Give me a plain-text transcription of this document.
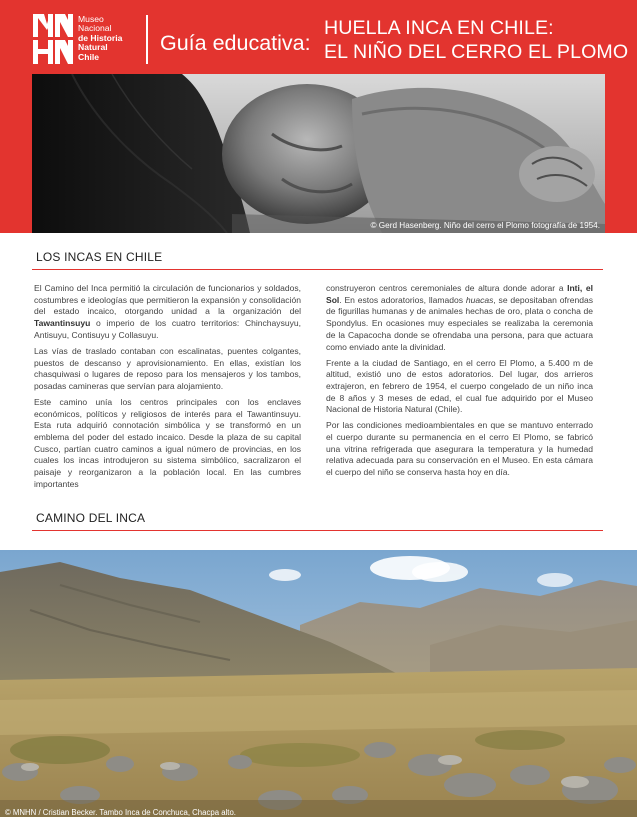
Museo
Nacional
de Historia
Natural
Chile
Guía educativa:
HUELLA INCA EN CHILE:
EL NIÑO DEL CERRO EL PLOMO
© Gerd Hasenberg. Niño del cerro el Plomo fotografía de 1954.
LOS INCAS EN CHILE

El Camino del Inca permitió la circulación de funcionarios y soldados, costumbres e ideologías que permitieron la expansión y consolidación del estado incaico, otorgando unidad a la organización del Tawantinsuyu o imperio de los cuatro territorios: Chinchaysuyu, Antisuyu, Contisuyu y Collasuyu.

Las vías de traslado contaban con escalinatas, puentes colgantes, puestos de descanso y aprovisionamiento. En ellas, existían los chasquiwasi o lugares de reposo para los mensajeros y los tambos, posadas camineras que servían para alojamiento.

Este camino unía los centros principales con los enclaves económicos, políticos y religiosos de interés para el Tawantinsuyu. Esta ruta adquirió connotación simbólica y se transformó en un emblema del poder del estado incaico. Desde la plaza de su capital Cusco, partían cuatro caminos a igual número de provincias, en los cuales los incas introdujeron su sistema simbólico, sacralizaron el paisaje y reorganizaron a la población local. En las cumbres importantes

construyeron centros ceremoniales de altura donde adorar a Inti, el Sol. En estos adoratorios, llamados huacas, se depositaban ofrendas de figurillas humanas y de animales hechas de oro, plata o concha de Spondylus. En ocasiones muy especiales se realizaba la ceremonia de la Capacocha donde se ofrendaba una persona, para que actuara como enviado ante la divinidad.

Frente a la ciudad de Santiago, en el cerro El Plomo, a 5.400 m de altitud, existió uno de estos adoratorios. Del lugar, dos arrieros extrajeron, en febrero de 1954, el cuerpo congelado de un niño inca de 8 años y 3 meses de edad, el cual fue adquirido por el Museo Nacional de Historia Natural (Chile).

Por las condiciones medioambientales en que se mantuvo enterrado el cuerpo durante su permanencia en el cerro El Plomo, se fabricó una vitrina refrigerada que asegurara la temperatura y la humedad relativa adecuada para su conservación en el Museo. En esta cámara el cuerpo del niño se conserva hasta hoy en día.

CAMINO DEL INCA
© MNHN / Cristian Becker. Tambo Inca de Conchuca, Chacpa alto.
